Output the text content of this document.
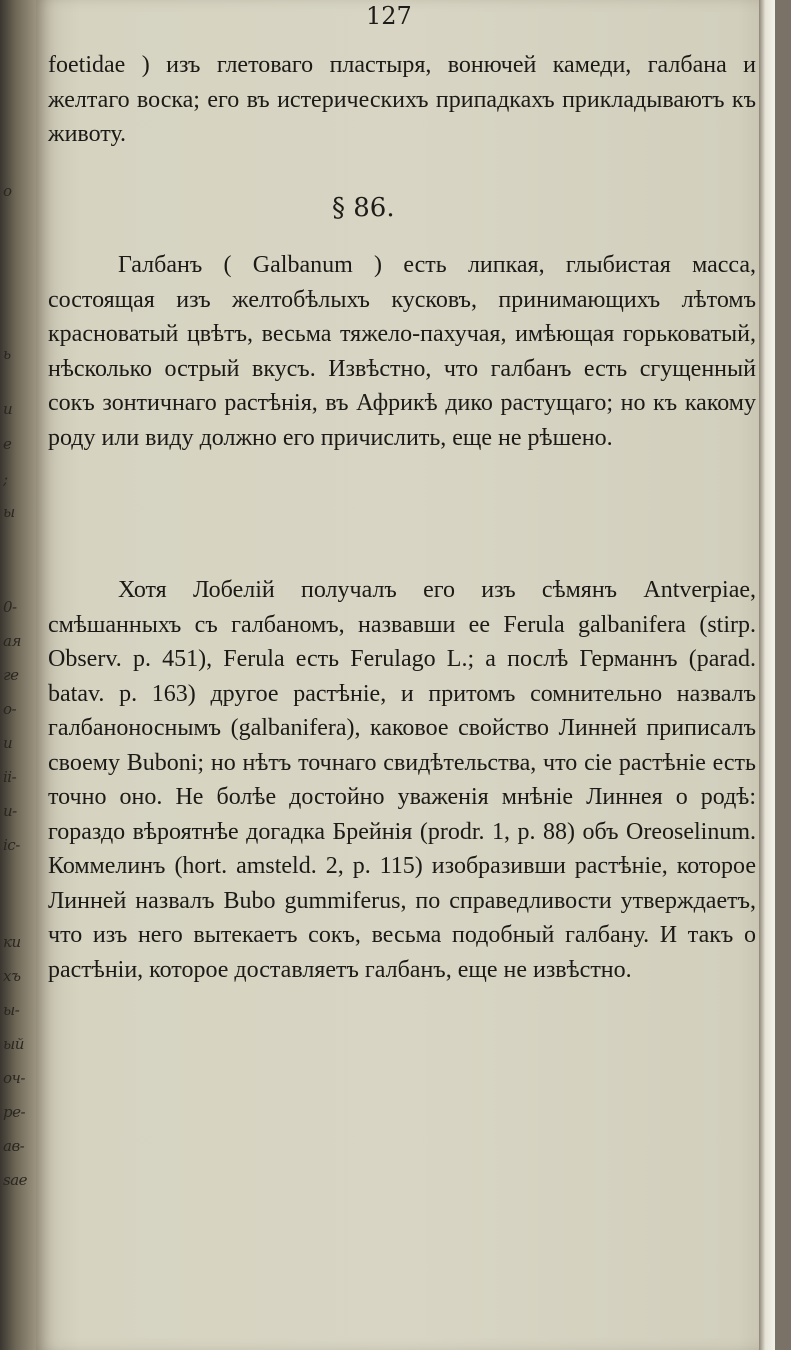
о
ь
и
е
;
ы
0-
ая
ге
о-
и
іі-
и-
іс-
ки
хъ
ы-
ый
оч-
ре-
ав-
sae
127

foetidae ) изъ глетоваго пластыря, вонючей камеди, галбана и желтаго воска; его въ истерическихъ припадкахъ прикладываютъ къ животу.

§ 86.

Галбанъ ( Galbanum ) есть липкая, глыбистая масса, состоящая изъ желтобѣлыхъ кусковъ, принимающихъ лѣтомъ красноватый цвѣтъ, весьма тяжело-пахучая, имѣющая горьковатый, нѣсколько острый вкусъ. Извѣстно, что галбанъ есть сгущенный сокъ зонтичнаго растѣнія, въ Африкѣ дико растущаго; но къ какому роду или виду должно его причислить, еще не рѣшено.

Хотя Лобелій получалъ его изъ сѣмянъ Antverpiae, смѣшанныхъ съ галбаномъ, назвавши ее Ferula galbanifera (stirp. Observ. p. 451), Ferula есть Ferulago L.; а послѣ Германнъ (parad. batav. p. 163) другое растѣніе, и притомъ сомнительно назвалъ галбаноноснымъ (galbanifera), каковое свойство Линней приписалъ своему Buboni; но нѣтъ точнаго свидѣтельства, что сіе растѣніе есть точно оно. Не болѣе достойно уваженія мнѣніе Линнея о родѣ: гораздо вѣроятнѣе догадка Брейнія (prodr. 1, p. 88) объ Oreoselinum. Коммелинъ (hort. amsteld. 2, p. 115) изобразивши растѣніе, которое Линней назвалъ Bubo gummiferus, по справедливости утверждаетъ, что изъ него вытекаетъ сокъ, весьма подобный галбану. И такъ о растѣніи, которое доставляетъ галбанъ, еще не извѣстно.
